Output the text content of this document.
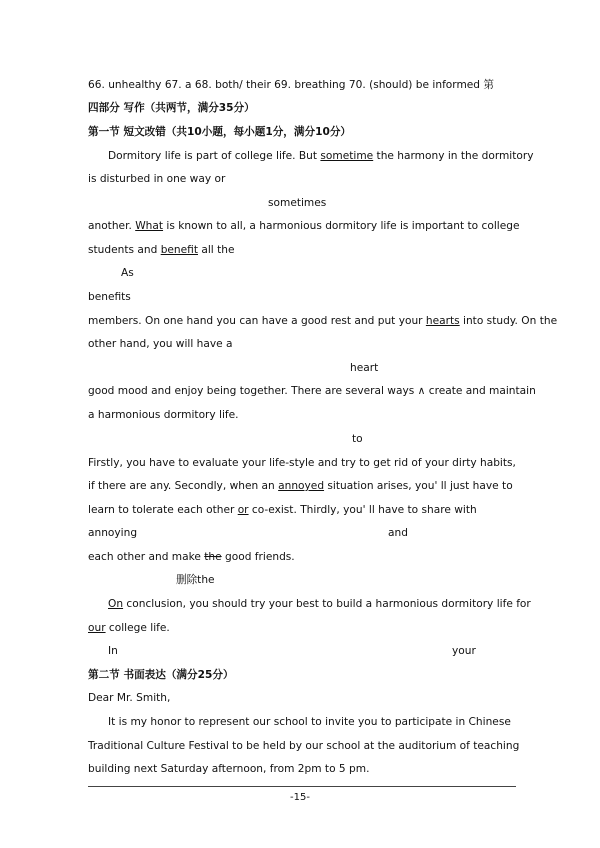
66. unhealthy 67. a 68. both/ their 69. breathing 70. (should) be informed 第
四部分 写作（共两节，满分35分）
第一节 短文改错（共10小题，每小题1分，满分10分）
Dormitory life is part of college life. But sometime the harmony in the dormitory
is disturbed in one way or
sometimes
another. What is known to all, a harmonious dormitory life is important to college
students and benefit all the
As
benefits
members. On one hand you can have a good rest and put your hearts into study. On the
other hand, you will have a
heart
good mood and enjoy being together. There are several ways ∧ create and maintain
a harmonious dormitory life.
to
Firstly, you have to evaluate your life-style and try to get rid of your dirty habits,
if there are any. Secondly, when an annoyed situation arises, you' ll just have to
learn to tolerate each other or co-exist. Thirdly, you' ll have to share with
annoying	and
each other and make the good friends.
删除the
On conclusion, you should try your best to build a harmonious dormitory life for
our college life.
In	your
第二节 书面表达（满分25分）
Dear Mr. Smith,
It is my honor to represent our school to invite you to participate in Chinese
Traditional Culture Festival to be held by our school at the auditorium of teaching
building next Saturday afternoon, from 2pm to 5 pm.
-15-
